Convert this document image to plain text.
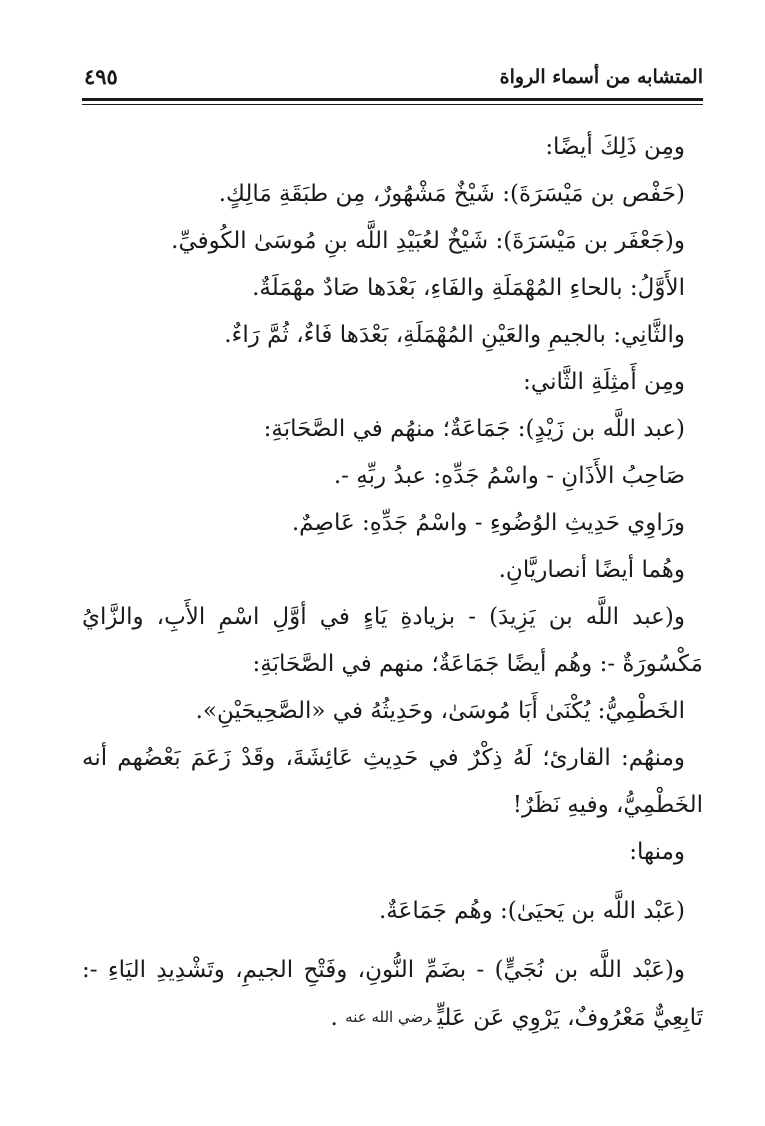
المتشابه من أسماء الرواة
٤٩٥
ومِن ذَلِكَ أيضًا:
(حَفْص بن مَيْسَرَةَ): شَيْخٌ مَشْهُورٌ، مِن طبَقَةِ مَالِكٍ.
و(جَعْفَر بن مَيْسَرَةَ): شَيْخٌ لعُبَيْدِ اللَّه بنِ مُوسَىٰ الكُوفيِّ.
الأَوَّلُ: بالحاءِ المُهْمَلَةِ والفَاءِ، بَعْدَها صَادٌ مهْمَلَةٌ.
والثَّانِي: بالجيمِ والعَيْنِ المُهْمَلَةِ، بَعْدَها فَاءٌ، ثُمَّ رَاءٌ.
ومِن أَمثِلَةِ الثَّاني:
(عبد اللَّه بن زَيْدٍ): جَمَاعَةٌ؛ منهُم في الصَّحَابَةِ:
صَاحِبُ الأَذَانِ - واسْمُ جَدِّهِ: عبدُ ربِّهِ -.
ورَاوِي حَدِيثِ الوُضُوءِ - واسْمُ جَدِّهِ: عَاصِمٌ.
وهُما أيضًا أنصاريَّانِ.
و(عبد اللَّه بن يَزِيدَ) - بزيادةِ يَاءٍ في أوَّلِ اسْمِ الأَبِ، والزَّايُ
مَكْسُورَةٌ -: وهُم أيضًا جَمَاعَةٌ؛ منهم في الصَّحَابَةِ:
الخَطْمِيُّ: يُكْنَىٰ أَبَا مُوسَىٰ، وحَدِيثُهُ في «الصَّحِيحَيْنِ».
ومنهُم: القارئ؛ لَهُ ذِكْرٌ في حَدِيثِ عَائِشَةَ، وقَدْ زَعَمَ بَعْضُهم أنه
الخَطْمِيُّ، وفيهِ نَظَرٌ!
ومنها:
(عَبْد اللَّه بن يَحيَىٰ): وهُم جَمَاعَةٌ.
و(عَبْد اللَّه بن نُجَيٍّ) - بضَمِّ النُّونِ، وفَتْحِ الجيمِ، وتَشْدِيدِ اليَاءِ -:
تَابِعِيٌّ مَعْرُوفٌ، يَرْوِي عَن عَليٍّرضي الله عنه .
